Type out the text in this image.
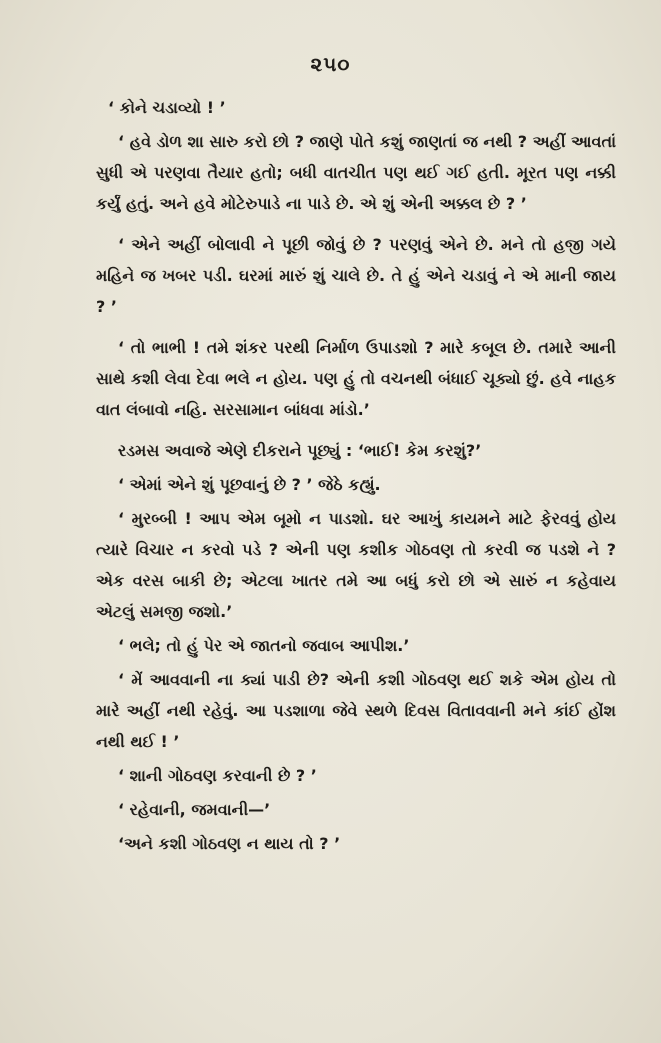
૨૫૦

‘ કોને ચડાવ્યો ! ’

‘ હવે ડોળ શા સારુ કરો છો ? જાણે પોતે કશું જાણતાં જ નથી ? અહીં આવતાં સુધી એ પરણવા તૈયાર હતો; બધી વાતચીત પણ થઈ ગઈ હતી. મૂરત પણ નક્કી કર્યું હતું. અને હવે મોટેરુપાડે ના પાડે છે. એ શું એની અક્કલ છે ? ’

‘ એને અહીં બોલાવી ને પૂછી જોવું છે ? પરણવું એને છે. મને તો હજી ગયે મહિને જ ખબર પડી. ઘરમાં મારું શું ચાલે છે. તે હું એને ચડાવું ને એ માની જાય ? ’

‘ તો ભાભી ! તમે શંકર પરથી નિર્માળ ઉપાડશો ? મારે કબૂલ છે. તમારે આની સાથે કશી લેવા દેવા ભલે ન હોય. પણ હું તો વચનથી બંધાઈ ચૂક્યો છું. હવે નાહક વાત લંબાવો નહિ. સરસામાન બાંધવા માંડો.’

રડમસ અવાજે એણે દીકરાને પૂછ્યું : ‘ભાઈ! કેમ કરશું?’

‘ એમાં એને શું પૂછવાનું છે ? ’ જેઠે કહ્યું.

‘ મુરબ્બી ! આપ એમ બૂમો ન પાડશો. ઘર આખું કાયમને માટે ફેરવવું હોય ત્યારે વિચાર ન કરવો પડે ? એની પણ કશીક ગોઠવણ તો કરવી જ પડશે ને ? એક વરસ બાકી છે; એટલા ખાતર તમે આ બધું કરો છો એ સારું ન કહેવાય એટલું સમજી જશો.’

‘ ભલે; તો હું પેર એ જાતનો જવાબ આપીશ.’

‘ મેં આવવાની ના ક્યાં પાડી છે? એની કશી ગોઠવણ થઈ શકે એમ હોય તો મારે અહીં નથી રહેવું. આ પડશાળા જેવે સ્થળે દિવસ વિતાવવાની મને કાંઈ હોંશ નથી થઈ ! ’

‘ શાની ગોઠવણ કરવાની છે ? ’

‘ રહેવાની, જમવાની—’

‘અને કશી ગોઠવણ ન થાય તો ? ’
